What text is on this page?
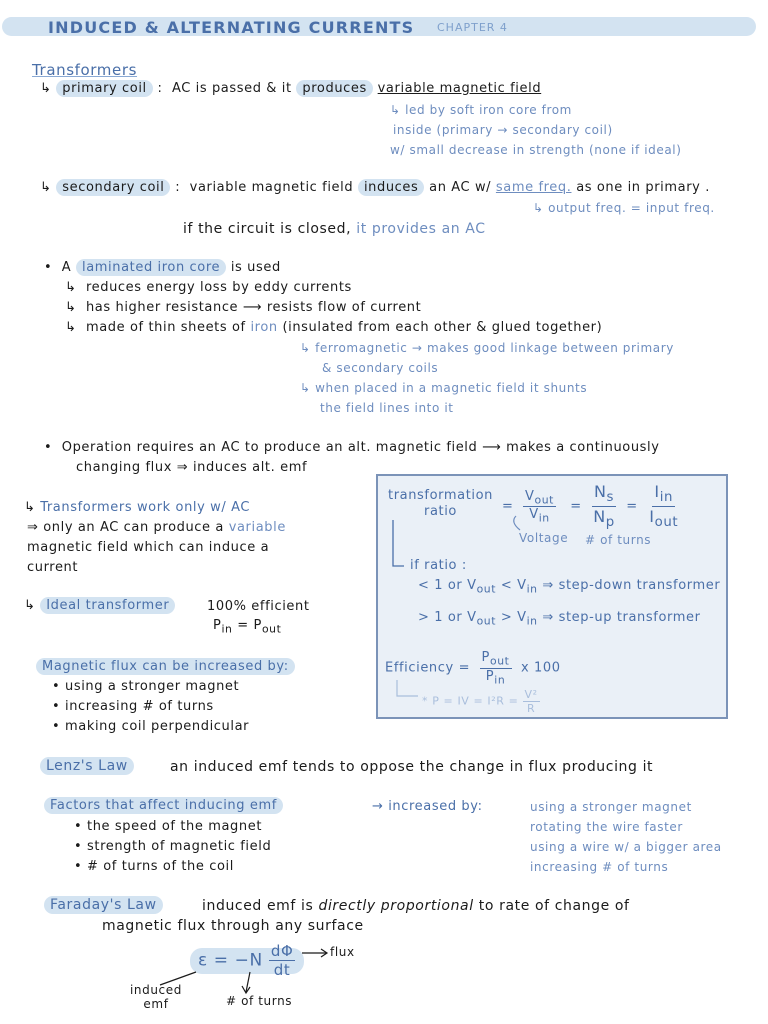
INDUCED & ALTERNATING CURRENTS CHAPTER 4
Transformers
↳ primary coil : AC is passed & it produces variable magnetic field
↳ led by soft iron core from
inside (primary → secondary coil)
w/ small decrease in strength (none if ideal)
↳ secondary coil : variable magnetic field induces an AC w/ same freq. as one in primary .
↳ output freq. = input freq.
if the circuit is closed, it provides an AC
• A laminated iron core is used
↳ reduces energy loss by eddy currents
↳ has higher resistance ⟶ resists flow of current
↳ made of thin sheets of iron (insulated from each other & glued together)
↳ ferromagnetic → makes good linkage between primary
& secondary coils
↳ when placed in a magnetic field it shunts
the field lines into it
• Operation requires an AC to produce an alt. magnetic field ⟶ makes a continuously
changing flux ⇒ induces alt. emf
↳ Transformers work only w/ AC
⇒ only an AC can produce a variable
magnetic field which can induce a
current
↳ Ideal transformer	100% efficient
$P_{in} = P_{out}$
Magnetic flux can be increased by:
• using a stronger magnet
• increasing # of turns
• making coil perpendicular
transformation
ratio	= $\frac{V_{out}}{V_{in}} = \frac{N_s}{N_p} = \frac{I_{in}}{I_{out}}$
Voltage # of turns
if ratio :
< 1 or $V_{out} < V_{in}$ ⇒ step-down transformer
> 1 or $V_{out} > V_{in}$ ⇒ step-up transformer
Efficiency = $\frac{P_{out}}{P_{in}}$ x 100
* P = IV = $I^2R = \frac{\text{V²}}{R}$
Lenz's Law	an induced emf tends to oppose the change in flux producing it
Factors that affect inducing emf
• the speed of the magnet
• strength of magnetic field
• # of turns of the coil
→ increased by:	using a stronger magnet
rotating the wire faster
using a wire w/ a bigger area
increasing # of turns
Faraday's Law	induced emf is directly proportional to rate of change of
magnetic flux through any surface
$\varepsilon = -N \frac{d\Phi}{dt}$	flux
induced
emf	# of turns
